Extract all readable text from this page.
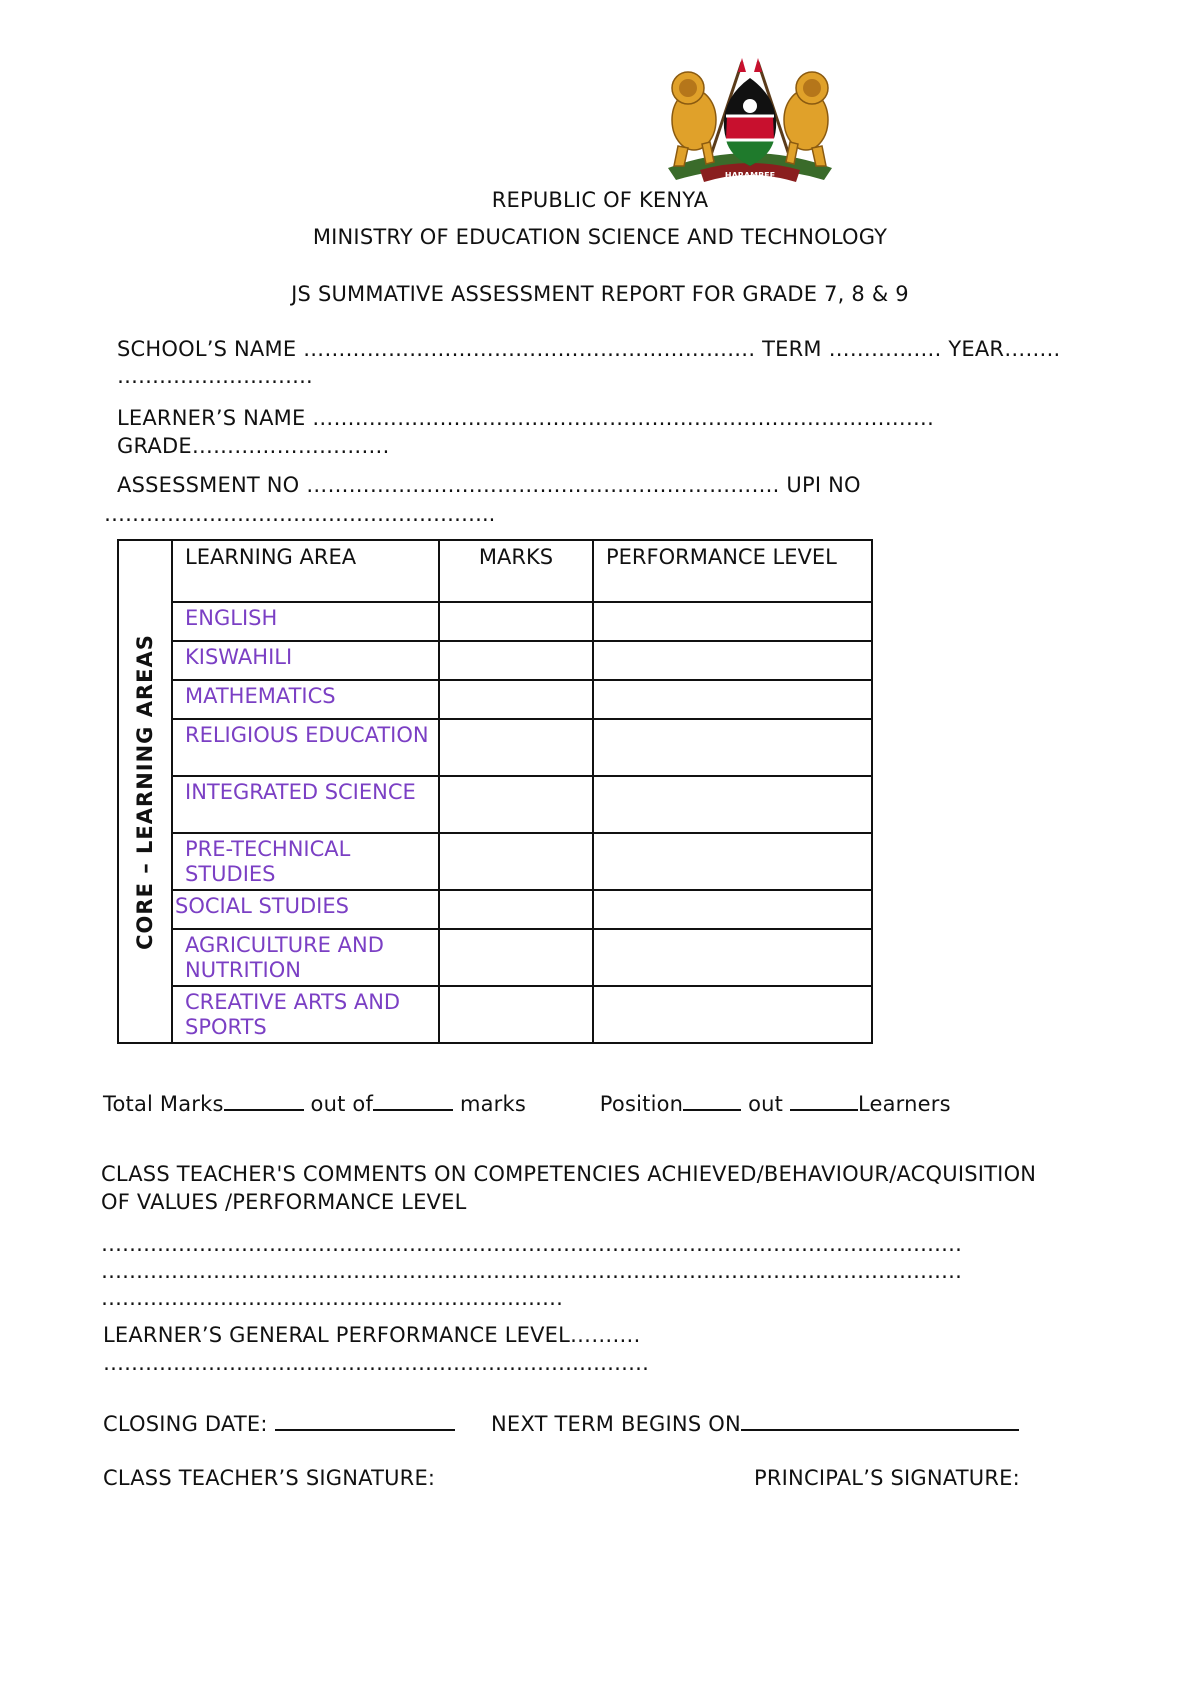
HARAMBEE
REPUBLIC OF KENYA
MINISTRY OF EDUCATION SCIENCE AND TECHNOLOGY
JS SUMMATIVE ASSESSMENT REPORT FOR GRADE 7, 8 & 9
SCHOOL’S NAME ………………………………………………………. TERM ……………. YEAR……..
……………………….
LEARNER’S NAME …………………………………………………………………………….
GRADE……………………….
ASSESSMENT NO …………………………………………………………. UPI NO
………………………………………………..
CORE – LEARNING AREAS	LEARNING AREA	MARKS	PERFORMANCE LEVEL
	ENGLISH		
	KISWAHILI		
	MATHEMATICS		
	RELIGIOUS EDUCATION		
	INTEGRATED SCIENCE		
	PRE-TECHNICAL STUDIES		
	SOCIAL STUDIES		
	AGRICULTURE AND NUTRITION		
	CREATIVE ARTS AND SPORTS		
Total Marks	out of	marks	Position	out	Learners
CLASS TEACHER'S COMMENTS ON COMPETENCIES ACHIEVED/BEHAVIOUR/ACQUISITION
OF VALUES /PERFORMANCE LEVEL
……………………………………………………………………………………………………………
……………………………………………………………………………………………………………
…………………………………………………………
LEARNER’S GENERAL PERFORMANCE LEVEL……….
……………………………………………………………………
CLOSING DATE:	NEXT TERM BEGINS ON
CLASS TEACHER’S SIGNATURE:	PRINCIPAL’S SIGNATURE:
